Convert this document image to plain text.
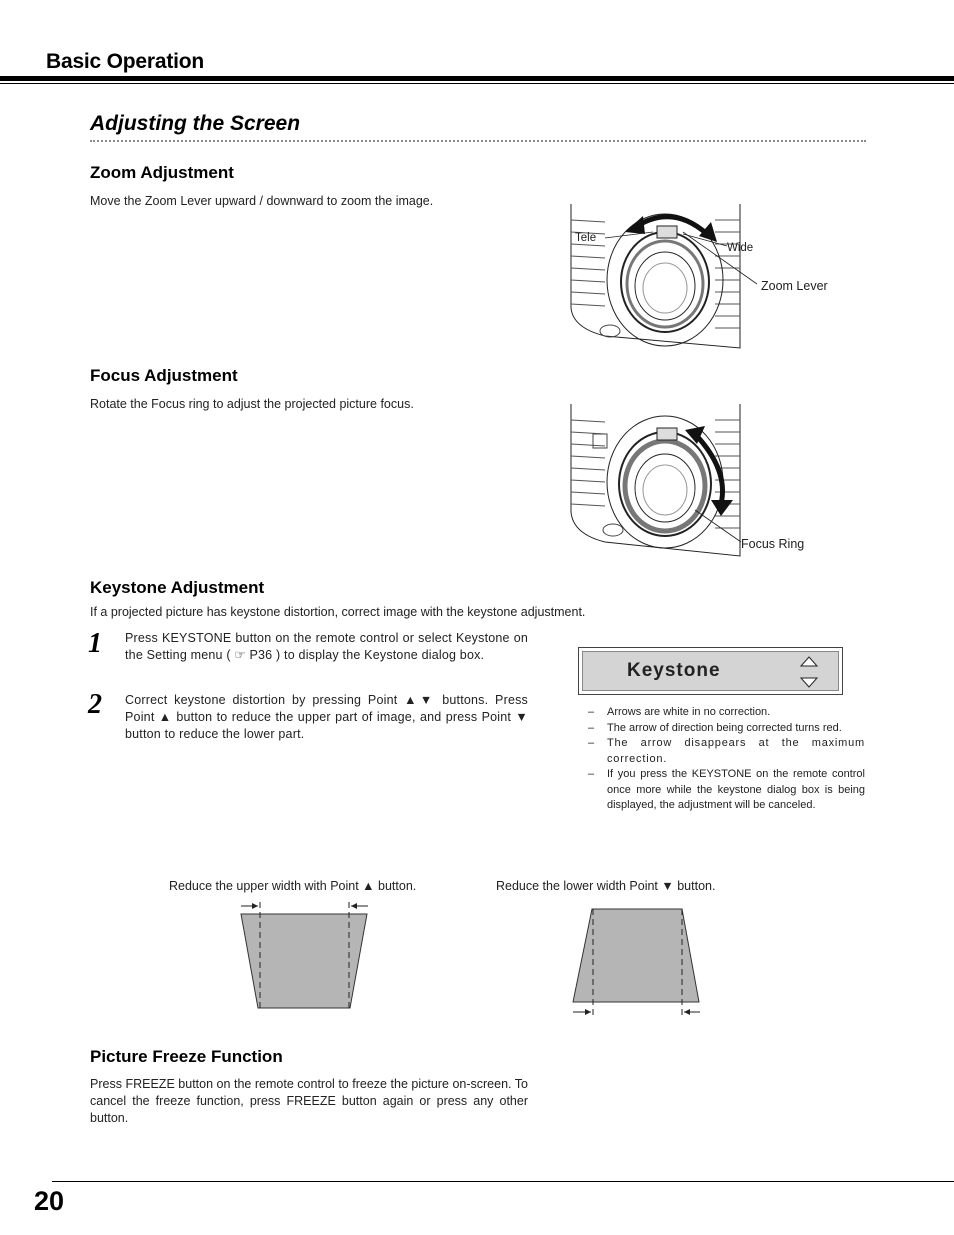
Basic Operation
Adjusting the Screen
Zoom Adjustment
Move the Zoom Lever upward / downward to zoom the image.
Tele
Wide
Zoom Lever
Focus Adjustment
Rotate the Focus ring to adjust the projected picture focus.
Focus Ring
Keystone Adjustment
If a projected picture has keystone distortion, correct image with the keystone adjustment.
1 Press KEYSTONE button on the remote control or select Keystone on the Setting menu ( ☞ P36 ) to display the Keystone dialog box.
2 Correct keystone distortion by pressing Point ▲▼ buttons. Press Point ▲ button to reduce the upper part of image, and press Point ▼ button to reduce the lower part.
Keystone

– Arrows are white in no correction.

– The arrow of direction being corrected turns red.

– The arrow disappears at the maximum correction.

– If you press the KEYSTONE on the remote control once more while the keystone dialog box is being displayed, the adjustment will be canceled.

Reduce the upper width with Point ▲ button.	Reduce the lower width Point ▼ button.
Picture Freeze Function
Press FREEZE button on the remote control to freeze the picture on-screen. To cancel the freeze function, press FREEZE button again or press any other button.
20
